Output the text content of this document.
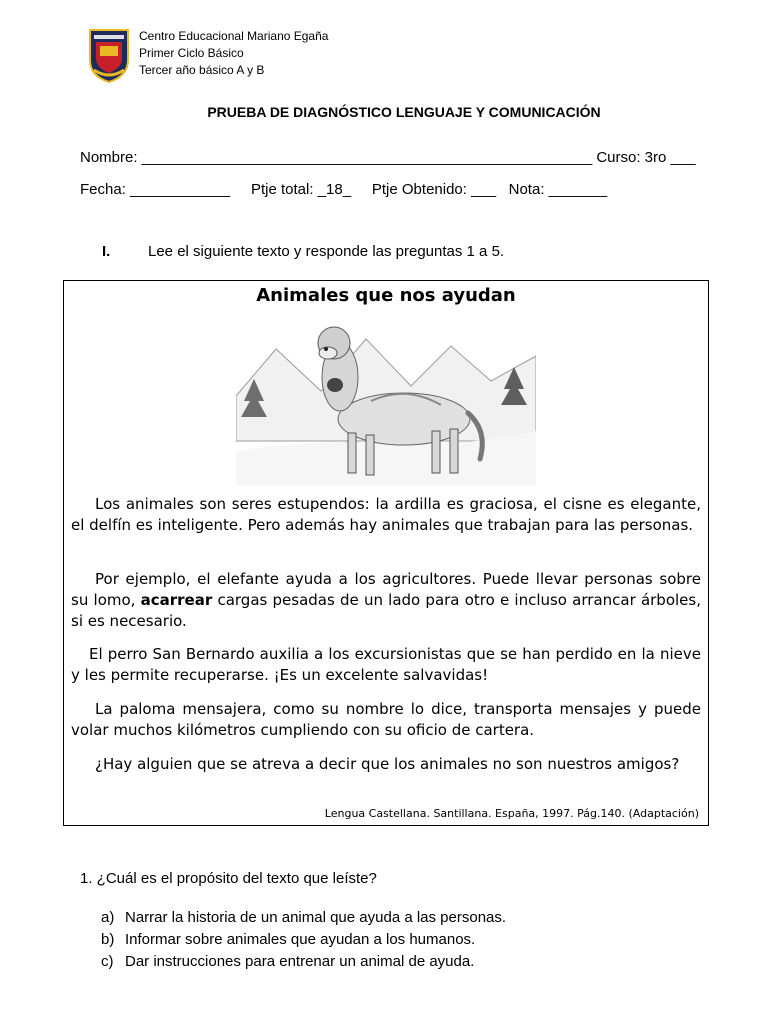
Centro Educacional Mariano Egaña
Primer Ciclo Básico
Tercer año básico A y B
PRUEBA DE DIAGNÓSTICO LENGUAJE Y COMUNICACIÓN
Nombre: ______________________________________________________ Curso: 3ro ___
Fecha: ____________     Ptje total: _18_     Ptje Obtenido: ___   Nota: _______
I.	Lee el siguiente texto y responde las preguntas 1 a 5.
Animales que nos ayudan

Los animales son seres estupendos: la ardilla es graciosa, el cisne es elegante, el delfín es inteligente. Pero además hay animales que trabajan para las personas.

Por ejemplo, el elefante ayuda a los agricultores. Puede llevar personas sobre su lomo, acarrear cargas pesadas de un lado para otro e incluso arrancar árboles, si es necesario.

El perro San Bernardo auxilia a los excursionistas que se han perdido en la nieve y les permite recuperarse. ¡Es un excelente salvavidas!

La paloma mensajera, como su nombre lo dice, transporta mensajes y puede volar muchos kilómetros cumpliendo con su oficio de cartera.

¿Hay alguien que se atreva a decir que los animales no son nuestros amigos?

Lengua Castellana. Santillana. España, 1997. Pág.140. (Adaptación)
1. ¿Cuál es el propósito del texto que leíste?
a) Narrar la historia de un animal que ayuda a las personas.
b) Informar sobre animales que ayudan a los humanos.
c) Dar instrucciones para entrenar un animal de ayuda.
